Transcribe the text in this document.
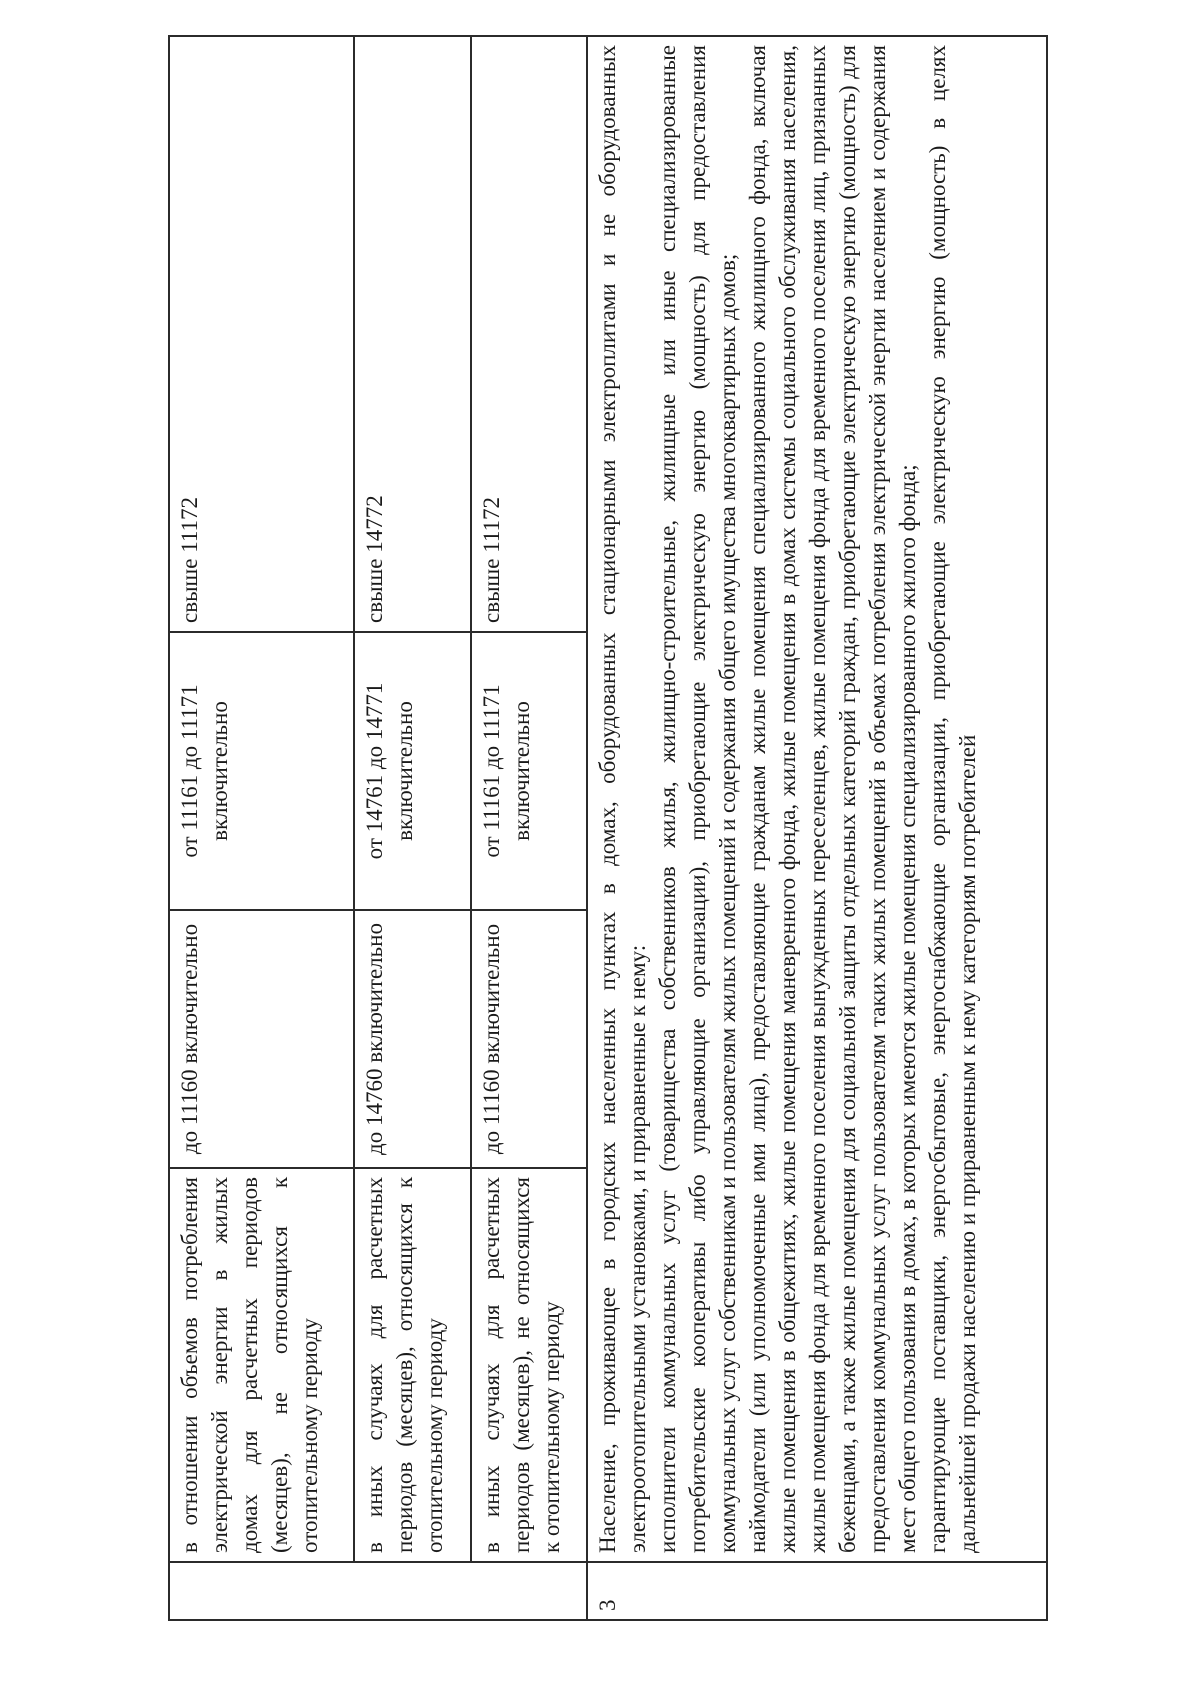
	в отношении объемов потребления электрической энергии в жилых домах для расчетных периодов (месяцев), не относящихся к отопительному периоду	до 11160 включительно	от 11161 до 11171 включительно	свыше 11172
	в иных случаях для расчетных периодов (месяцев), относящихся к отопительному периоду	до 14760 включительно	от 14761 до 14771 включительно	свыше 14772
	в иных случаях для расчетных периодов (месяцев), не относящихся к отопительному периоду	до 11160 включительно	от 11161 до 11171 включительно	свыше 11172
3	Население, проживающее в городских населенных пунктах в домах, оборудованных стационарными электроплитами и не оборудованных электроотопительными установками, и приравненные к нему: исполнители коммунальных услуг (товарищества собственников жилья, жилищно-строительные, жилищные или иные специализированные потребительские кооперативы либо управляющие организации), приобретающие электрическую энергию (мощность) для предоставления коммунальных услуг собственникам и пользователям жилых помещений и содержания общего имущества многоквартирных домов; наймодатели (или уполномоченные ими лица), предоставляющие гражданам жилые помещения специализированного жилищного фонда, включая жилые помещения в общежитиях, жилые помещения маневренного фонда, жилые помещения в домах системы социального обслуживания населения, жилые помещения фонда для временного поселения вынужденных переселенцев, жилые помещения фонда для временного поселения лиц, признанных беженцами, а также жилые помещения для социальной защиты отдельных категорий граждан, приобретающие электрическую энергию (мощность) для предоставления коммунальных услуг пользователям таких жилых помещений в объемах потребления электрической энергии населением и содержания мест общего пользования в домах, в которых имеются жилые помещения специализированного жилого фонда; гарантирующие поставщики, энергосбытовые, энергоснабжающие организации, приобретающие электрическую энергию (мощность) в целях дальнейшей продажи населению и приравненным к нему категориям потребителей			
